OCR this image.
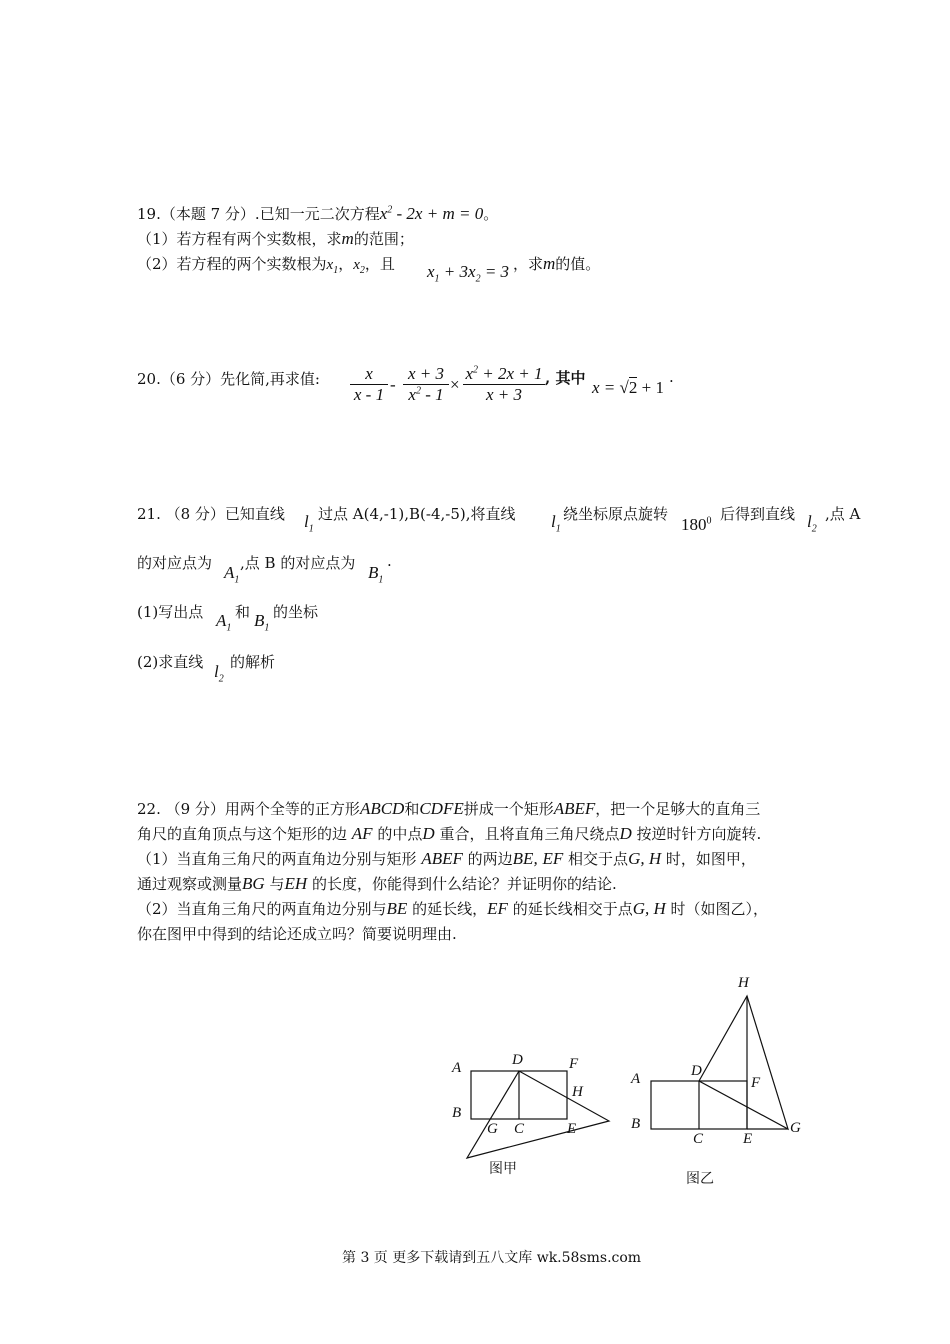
19.（本题 7 分）.已知一元二次方程$x^2 - 2x + m = 0$。
（1）若方程有两个实数根，求m的范围；
（2）若方程的两个实数根为$x_1$，$x_2$，且 $x_1 + 3x_2 = 3$ ，求m的值。
20.（6 分）先化简,再求值: $\frac{x}{x - 1} - \frac{x + 3}{x^2 - 1} \times \frac{x^2 + 2x + 1}{x + 3}$ , 其中 x = √2 + 1
.
21. （8 分）已知直线 $l_1$
过点 A(4,-1),B(-4,-5),将直线 $l_1$
绕坐标原点旋转
$180^0$ 后得到直线 $l_2$
,点 A
的对应点为 $A_1$
,点 B 的对应点为 $B_1$
.
(1)写出点 $A_1$
和 $B_1$
的坐标
(2)求直线 $l_2$
的解析
22. （9 分）用两个全等的正方形ABCD和CDFE拼成一个矩形ABEF，把一个足够大的直角三
角尺的直角顶点与这个矩形的边 AF 的中点D 重合，且将直角三角尺绕点D 按逆时针方向旋转.
（1）当直角三角尺的两直角边分别与矩形 ABEF 的两边BE, EF 相交于点G, H 时，如图甲，
通过观察或测量BG 与EH 的长度，你能得到什么结论？并证明你的结论.
（2）当直角三角尺的两直角边分别与BE 的延长线，EF 的延长线相交于点G, H 时（如图乙），
你在图甲中得到的结论还成立吗？简要说明理由.
A
B
D	F
H
G C	E
图甲
H
A	D
F
B
C	E
G
图乙
第 3 页 更多下载请到五八文库 wk.58sms.com
